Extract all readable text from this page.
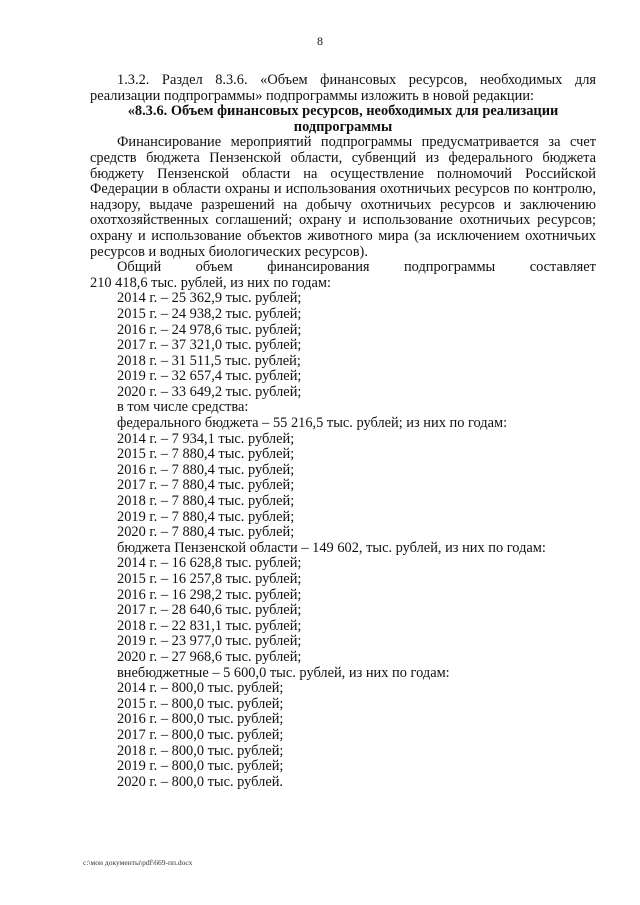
8

1.3.2. Раздел 8.3.6. «Объем финансовых ресурсов, необходимых для реализации подпрограммы» подпрограммы изложить в новой редакции:

«8.3.6. Объем финансовых ресурсов, необходимых для реализации подпрограммы

Финансирование мероприятий подпрограммы предусматривается за счет средств бюджета Пензенской области, субвенций из федерального бюджета бюджету Пензенской области на осуществление полномочий Российской Федерации в области охраны и использования охотничьих ресурсов по контролю, надзору, выдаче разрешений на добычу охотничьих ресурсов и заключению охотхозяйственных соглашений; охрану и использование охотничьих ресурсов; охрану и использование объектов животного мира (за исключением охотничьих ресурсов и водных биологических ресурсов).

Общий объем финансирования подпрограммы составляет

210 418,6 тыс. рублей, из них по годам:

2014 г. – 25 362,9 тыс. рублей;

2015 г. – 24 938,2 тыс. рублей;

2016 г. – 24 978,6 тыс. рублей;

2017 г. – 37 321,0 тыс. рублей;

2018 г. – 31 511,5 тыс. рублей;

2019 г. – 32 657,4 тыс. рублей;

2020 г. – 33 649,2 тыс. рублей;

в том числе средства:

федерального бюджета – 55 216,5 тыс. рублей; из них по годам:

2014 г. – 7 934,1 тыс. рублей;

2015 г. – 7 880,4 тыс. рублей;

2016 г. – 7 880,4 тыс. рублей;

2017 г. – 7 880,4 тыс. рублей;

2018 г. – 7 880,4 тыс. рублей;

2019 г. – 7 880,4 тыс. рублей;

2020 г. – 7 880,4 тыс. рублей;

бюджета Пензенской области – 149 602, тыс. рублей, из них по годам:

2014 г. – 16 628,8 тыс. рублей;

2015 г. – 16 257,8 тыс. рублей;

2016 г. – 16 298,2 тыс. рублей;

2017 г. – 28 640,6 тыс. рублей;

2018 г. – 22 831,1 тыс. рублей;

2019 г. – 23 977,0 тыс. рублей;

2020 г. – 27 968,6 тыс. рублей;

внебюджетные – 5 600,0 тыс. рублей, из них по годам:

2014 г. – 800,0 тыс. рублей;

2015 г. – 800,0 тыс. рублей;

2016 г. – 800,0 тыс. рублей;

2017 г. – 800,0 тыс. рублей;

2018 г. – 800,0 тыс. рублей;

2019 г. – 800,0 тыс. рублей;

2020 г. – 800,0 тыс. рублей.

c:\мои документы\pdf\669-пп.docx
